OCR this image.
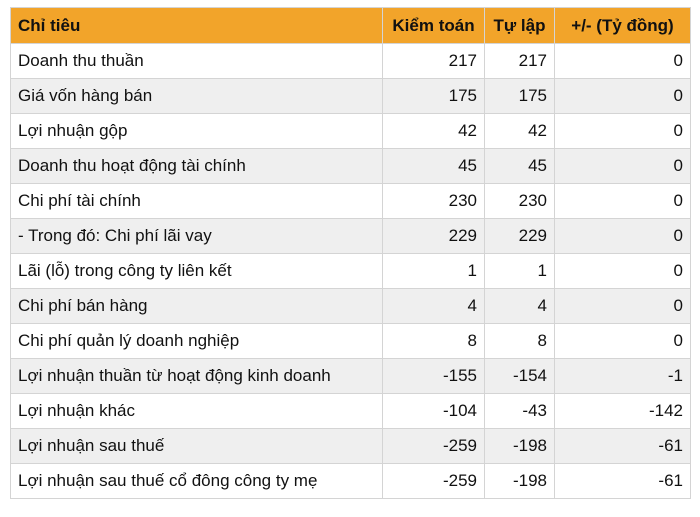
Chỉ tiêu	Kiểm toán	Tự lập	+/- (Tỷ đồng)
Doanh thu thuần	217	217	0
Giá vốn hàng bán	175	175	0
Lợi nhuận gộp	42	42	0
Doanh thu hoạt động tài chính	45	45	0
Chi phí tài chính	230	230	0
- Trong đó: Chi phí lãi vay	229	229	0
Lãi (lỗ) trong công ty liên kết	1	1	0
Chi phí bán hàng	4	4	0
Chi phí quản lý doanh nghiệp	8	8	0
Lợi nhuận thuần từ hoạt động kinh doanh	-155	-154	-1
Lợi nhuận khác	-104	-43	-142
Lợi nhuận sau thuế	-259	-198	-61
Lợi nhuận sau thuế cổ đông công ty mẹ	-259	-198	-61
